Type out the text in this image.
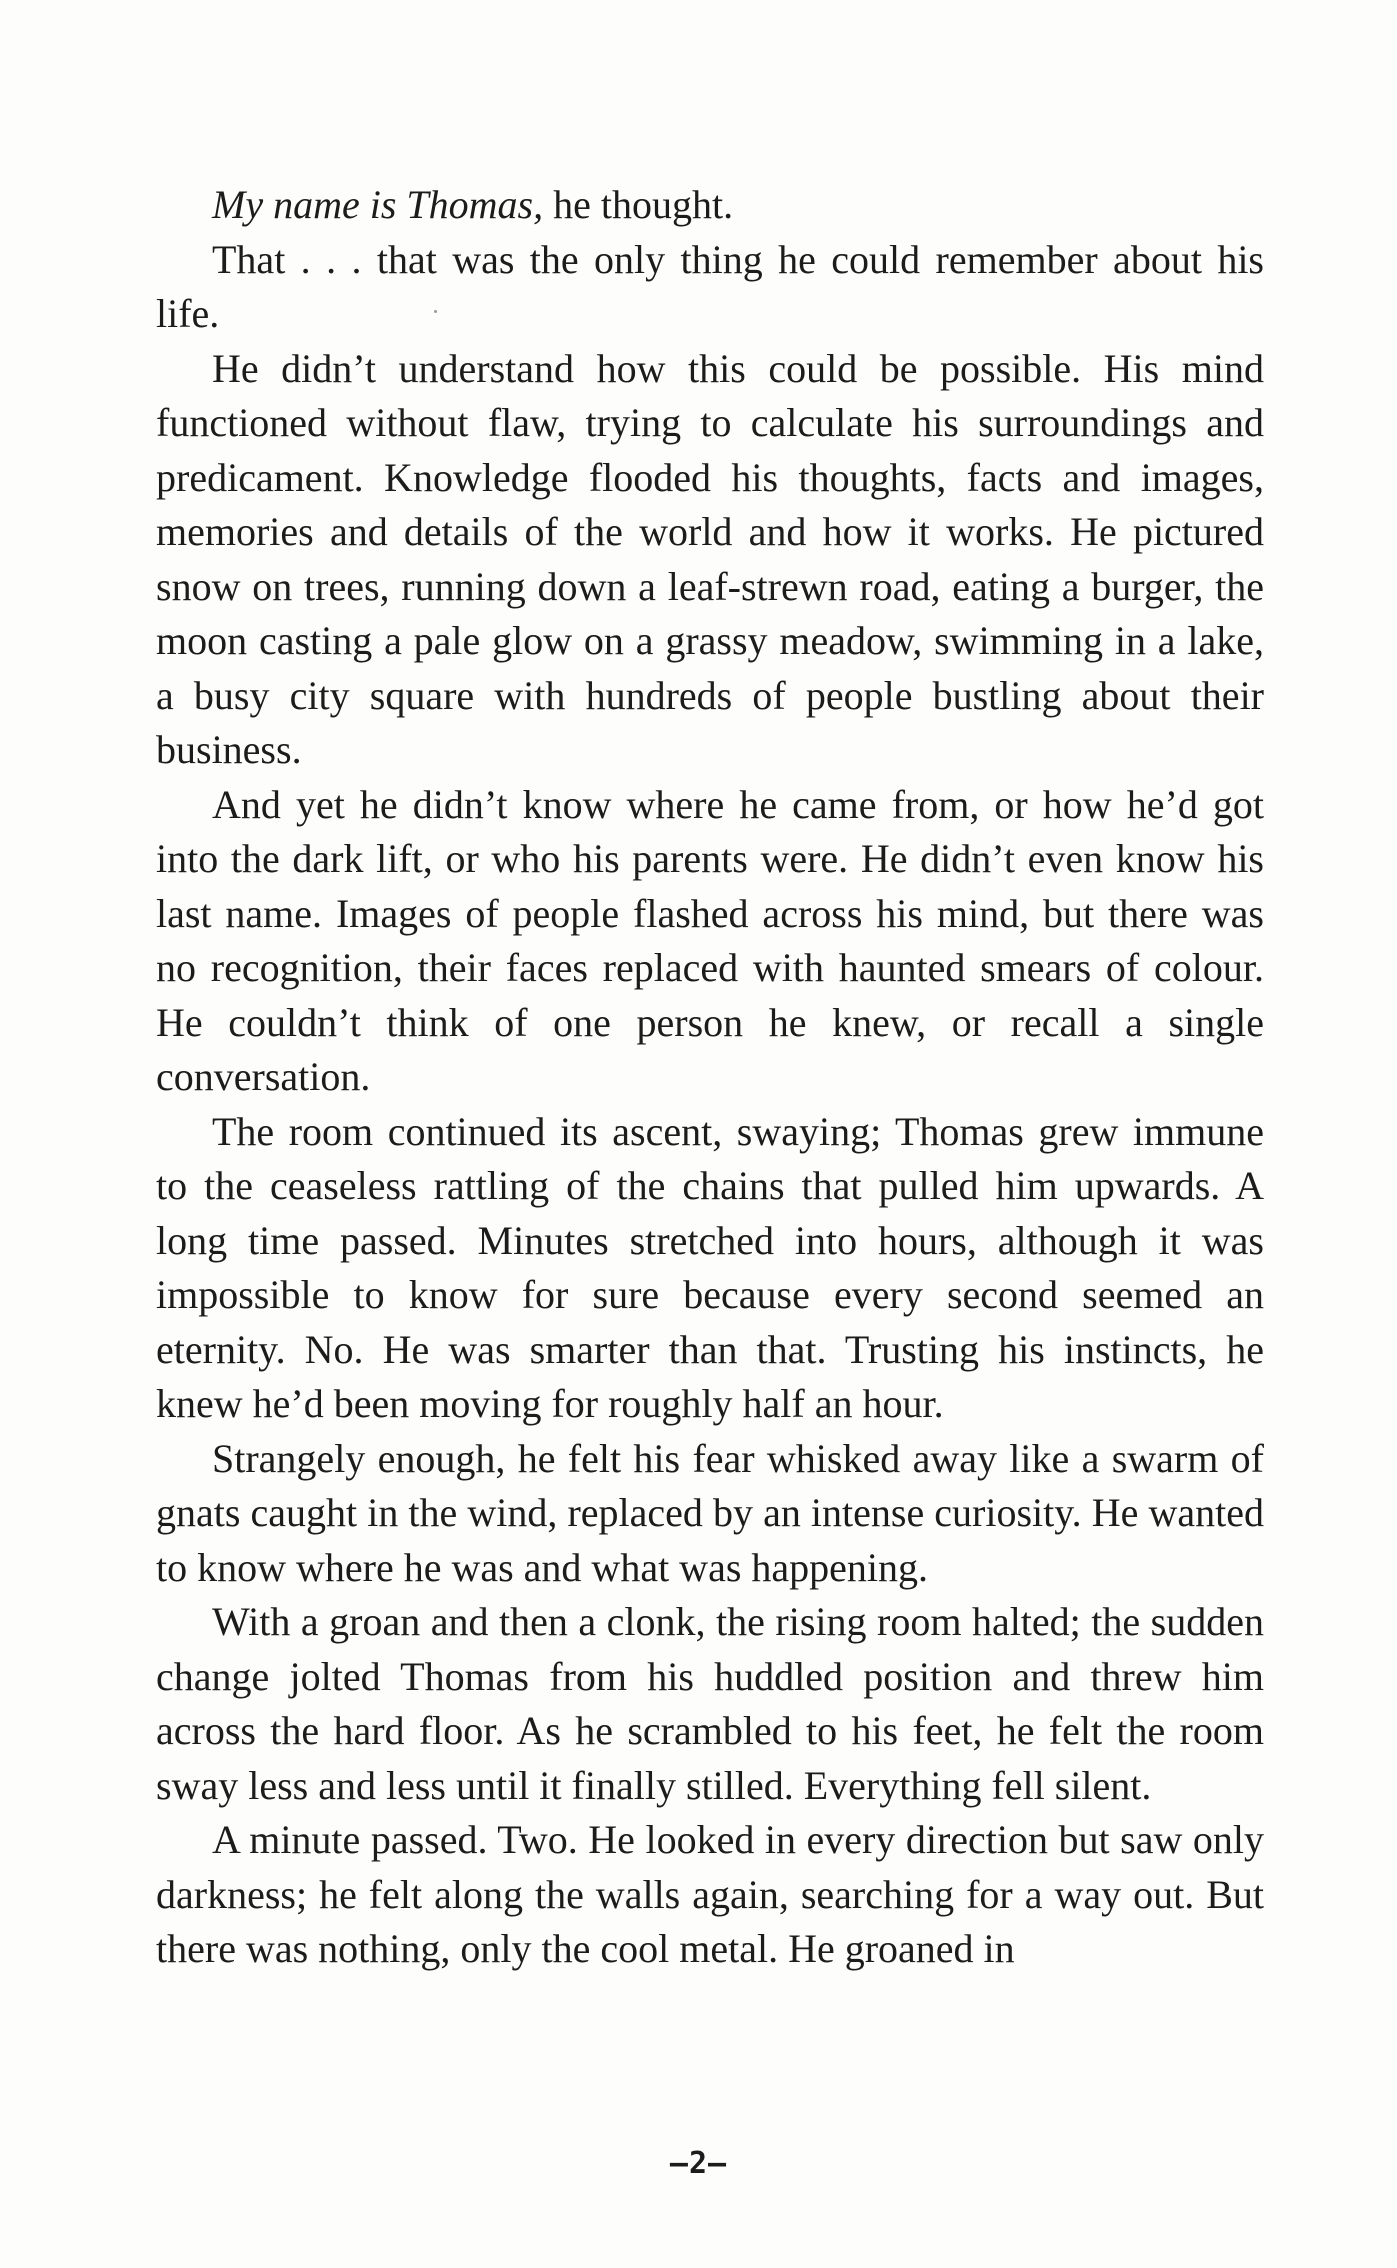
My name is Thomas, he thought.

That . . . that was the only thing he could remember about his life.

He didn’t understand how this could be possible. His mind functioned without flaw, trying to calculate his surroundings and predicament. Knowledge flooded his thoughts, facts and images, memories and details of the world and how it works. He pictured snow on trees, running down a leaf-strewn road, eating a burger, the moon casting a pale glow on a grassy meadow, swimming in a lake, a busy city square with hundreds of people bustling about their business.

And yet he didn’t know where he came from, or how he’d got into the dark lift, or who his parents were. He didn’t even know his last name. Images of people flashed across his mind, but there was no recognition, their faces replaced with haunted smears of colour. He couldn’t think of one person he knew, or recall a single conversation.

The room continued its ascent, swaying; Thomas grew immune to the ceaseless rattling of the chains that pulled him upwards. A long time passed. Minutes stretched into hours, although it was impossible to know for sure because every second seemed an eternity. No. He was smarter than that. Trusting his instincts, he knew he’d been moving for roughly half an hour.

Strangely enough, he felt his fear whisked away like a swarm of gnats caught in the wind, replaced by an intense curiosity. He wanted to know where he was and what was happening.

With a groan and then a clonk, the rising room halted; the sudden change jolted Thomas from his huddled position and threw him across the hard floor. As he scrambled to his feet, he felt the room sway less and less until it finally stilled. Everything fell silent.

A minute passed. Two. He looked in every direction but saw only darkness; he felt along the walls again, searching for a way out. But there was nothing, only the cool metal. He groaned in

–2–
